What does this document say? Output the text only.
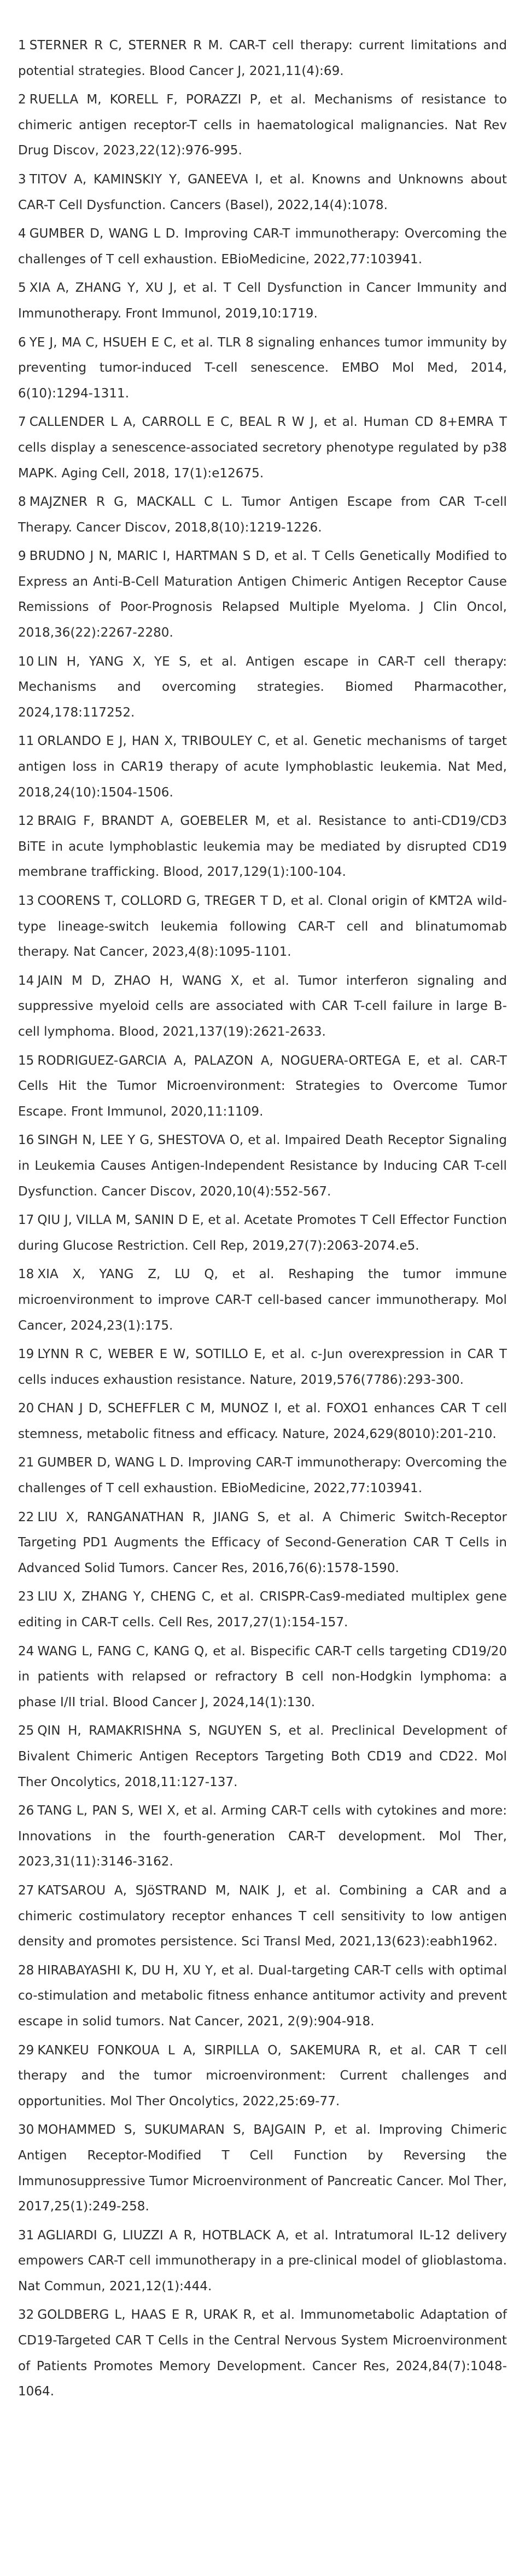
1 STERNER R C, STERNER R M. CAR-T cell therapy: current limitations and potential strategies. Blood Cancer J, 2021,11(4):69.
2 RUELLA M, KORELL F, PORAZZI P, et al. Mechanisms of resistance to chimeric antigen receptor-T cells in haematological malignancies. Nat Rev Drug Discov, 2023,22(12):976-995.
3 TITOV A, KAMINSKIY Y, GANEEVA I, et al. Knowns and Unknowns about CAR-T Cell Dysfunction. Cancers (Basel), 2022,14(4):1078.
4 GUMBER D, WANG L D. Improving CAR-T immunotherapy: Overcoming the challenges of T cell exhaustion. EBioMedicine, 2022,77:103941.
5 XIA A, ZHANG Y, XU J, et al. T Cell Dysfunction in Cancer Immunity and Immunotherapy. Front Immunol, 2019,10:1719.
6 YE J, MA C, HSUEH E C, et al. TLR 8 signaling enhances tumor immunity by preventing tumor-induced T-cell senescence. EMBO Mol Med, 2014, 6(10):1294-1311.
7 CALLENDER L A, CARROLL E C, BEAL R W J, et al. Human CD 8+EMRA T cells display a senescence-associated secretory phenotype regulated by p38 MAPK. Aging Cell, 2018, 17(1):e12675.
8 MAJZNER R G, MACKALL C L. Tumor Antigen Escape from CAR T-cell Therapy. Cancer Discov, 2018,8(10):1219-1226.
9 BRUDNO J N, MARIC I, HARTMAN S D, et al. T Cells Genetically Modified to Express an Anti-B-Cell Maturation Antigen Chimeric Antigen Receptor Cause Remissions of Poor-Prognosis Relapsed Multiple Myeloma. J Clin Oncol, 2018,36(22):2267-2280.
10 LIN H, YANG X, YE S, et al. Antigen escape in CAR-T cell therapy: Mechanisms and overcoming strategies. Biomed Pharmacother, 2024,178:117252.
11 ORLANDO E J, HAN X, TRIBOULEY C, et al. Genetic mechanisms of target antigen loss in CAR19 therapy of acute lymphoblastic leukemia. Nat Med, 2018,24(10):1504-1506.
12 BRAIG F, BRANDT A, GOEBELER M, et al. Resistance to anti-CD19/CD3 BiTE in acute lymphoblastic leukemia may be mediated by disrupted CD19 membrane trafficking. Blood, 2017,129(1):100-104.
13 COORENS T, COLLORD G, TREGER T D, et al. Clonal origin of KMT2A wild-type lineage-switch leukemia following CAR-T cell and blinatumomab therapy. Nat Cancer, 2023,4(8):1095-1101.
14 JAIN M D, ZHAO H, WANG X, et al. Tumor interferon signaling and suppressive myeloid cells are associated with CAR T-cell failure in large B-cell lymphoma. Blood, 2021,137(19):2621-2633.
15 RODRIGUEZ-GARCIA A, PALAZON A, NOGUERA-ORTEGA E, et al. CAR-T Cells Hit the Tumor Microenvironment: Strategies to Overcome Tumor Escape. Front Immunol, 2020,11:1109.
16 SINGH N, LEE Y G, SHESTOVA O, et al. Impaired Death Receptor Signaling in Leukemia Causes Antigen-Independent Resistance by Inducing CAR T-cell Dysfunction. Cancer Discov, 2020,10(4):552-567.
17 QIU J, VILLA M, SANIN D E, et al. Acetate Promotes T Cell Effector Function during Glucose Restriction. Cell Rep, 2019,27(7):2063-2074.e5.
18 XIA X, YANG Z, LU Q, et al. Reshaping the tumor immune microenvironment to improve CAR-T cell-based cancer immunotherapy. Mol Cancer, 2024,23(1):175.
19 LYNN R C, WEBER E W, SOTILLO E, et al. c-Jun overexpression in CAR T cells induces exhaustion resistance. Nature, 2019,576(7786):293-300.
20 CHAN J D, SCHEFFLER C M, MUNOZ I, et al. FOXO1 enhances CAR T cell stemness, metabolic fitness and efficacy. Nature, 2024,629(8010):201-210.
21 GUMBER D, WANG L D. Improving CAR-T immunotherapy: Overcoming the challenges of T cell exhaustion. EBioMedicine, 2022,77:103941.
22 LIU X, RANGANATHAN R, JIANG S, et al. A Chimeric Switch-Receptor Targeting PD1 Augments the Efficacy of Second-Generation CAR T Cells in Advanced Solid Tumors. Cancer Res, 2016,76(6):1578-1590.
23 LIU X, ZHANG Y, CHENG C, et al. CRISPR-Cas9-mediated multiplex gene editing in CAR-T cells. Cell Res, 2017,27(1):154-157.
24 WANG L, FANG C, KANG Q, et al. Bispecific CAR-T cells targeting CD19/20 in patients with relapsed or refractory B cell non-Hodgkin lymphoma: a phase I/II trial. Blood Cancer J, 2024,14(1):130.
25 QIN H, RAMAKRISHNA S, NGUYEN S, et al. Preclinical Development of Bivalent Chimeric Antigen Receptors Targeting Both CD19 and CD22. Mol Ther Oncolytics, 2018,11:127-137.
26 TANG L, PAN S, WEI X, et al. Arming CAR-T cells with cytokines and more: Innovations in the fourth-generation CAR-T development. Mol Ther, 2023,31(11):3146-3162.
27 KATSAROU A, SJöSTRAND M, NAIK J, et al. Combining a CAR and a chimeric costimulatory receptor enhances T cell sensitivity to low antigen density and promotes persistence. Sci Transl Med, 2021,13(623):eabh1962.
28 HIRABAYASHI K, DU H, XU Y, et al. Dual-targeting CAR-T cells with optimal co-stimulation and metabolic fitness enhance antitumor activity and prevent escape in solid tumors. Nat Cancer, 2021, 2(9):904-918.
29 KANKEU FONKOUA L A, SIRPILLA O, SAKEMURA R, et al. CAR T cell therapy and the tumor microenvironment: Current challenges and opportunities. Mol Ther Oncolytics, 2022,25:69-77.
30 MOHAMMED S, SUKUMARAN S, BAJGAIN P, et al. Improving Chimeric Antigen Receptor-Modified T Cell Function by Reversing the Immunosuppressive Tumor Microenvironment of Pancreatic Cancer. Mol Ther, 2017,25(1):249-258.
31 AGLIARDI G, LIUZZI A R, HOTBLACK A, et al. Intratumoral IL-12 delivery empowers CAR-T cell immunotherapy in a pre-clinical model of glioblastoma. Nat Commun, 2021,12(1):444.
32 GOLDBERG L, HAAS E R, URAK R, et al. Immunometabolic Adaptation of CD19-Targeted CAR T Cells in the Central Nervous System Microenvironment of Patients Promotes Memory Development. Cancer Res, 2024,84(7):1048-1064.
